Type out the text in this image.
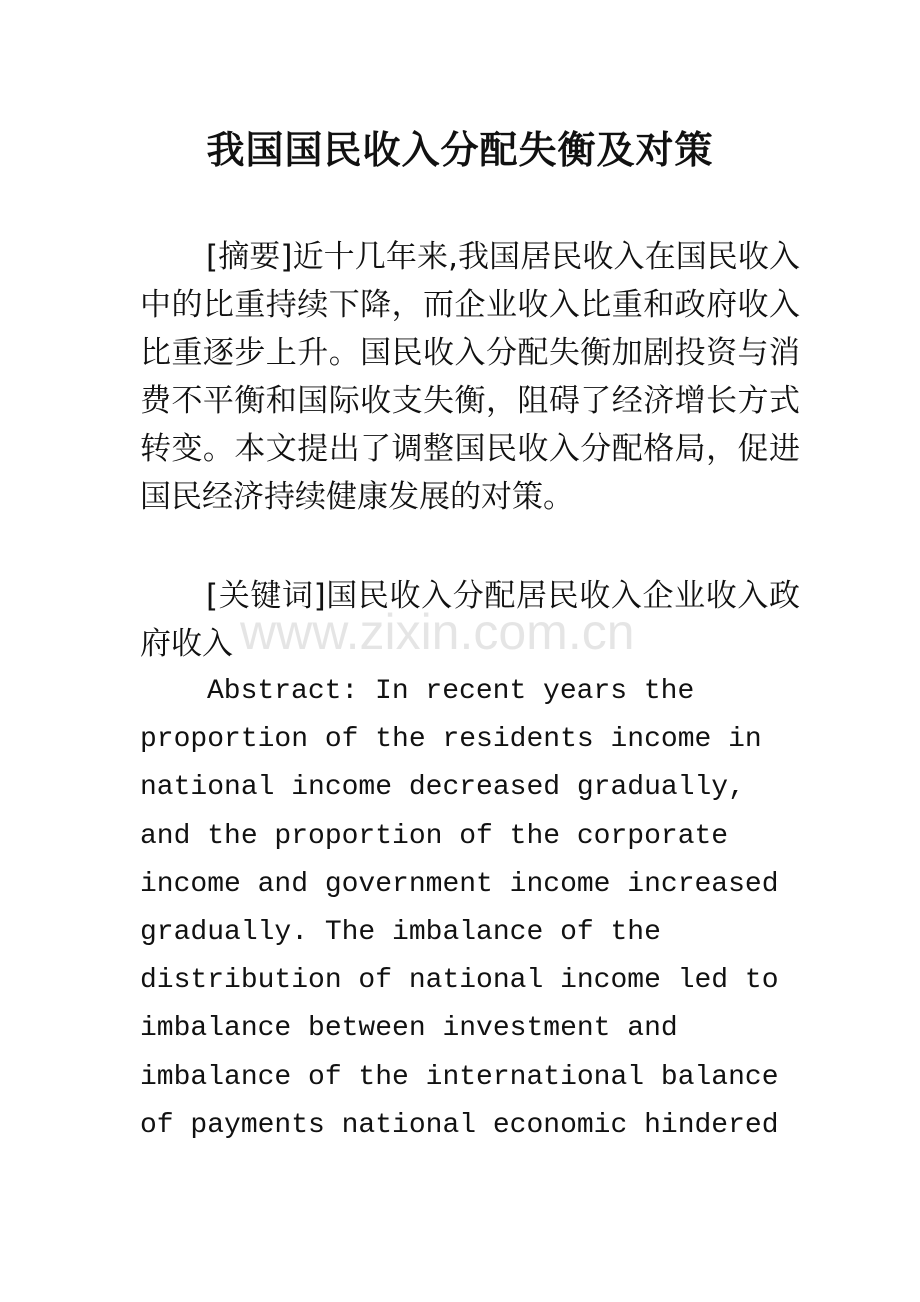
我国国民收入分配失衡及对策

[摘要]近十几年来,我国居民收入在国民收入中的比重持续下降，而企业收入比重和政府收入比重逐步上升。国民收入分配失衡加剧投资与消费不平衡和国际收支失衡，阻碍了经济增长方式转变。本文提出了调整国民收入分配格局，促进国民经济持续健康发展的对策。

[关键词]国民收入分配居民收入企业收入政府收入

Abstract: In recent years the proportion of the residents income in national income decreased gradually, and the proportion of the corporate income and government income increased gradually. The imbalance of the distribution of national income led to imbalance between investment and imbalance of the international balance of payments national economic hindered

www.zixin.com.cn
